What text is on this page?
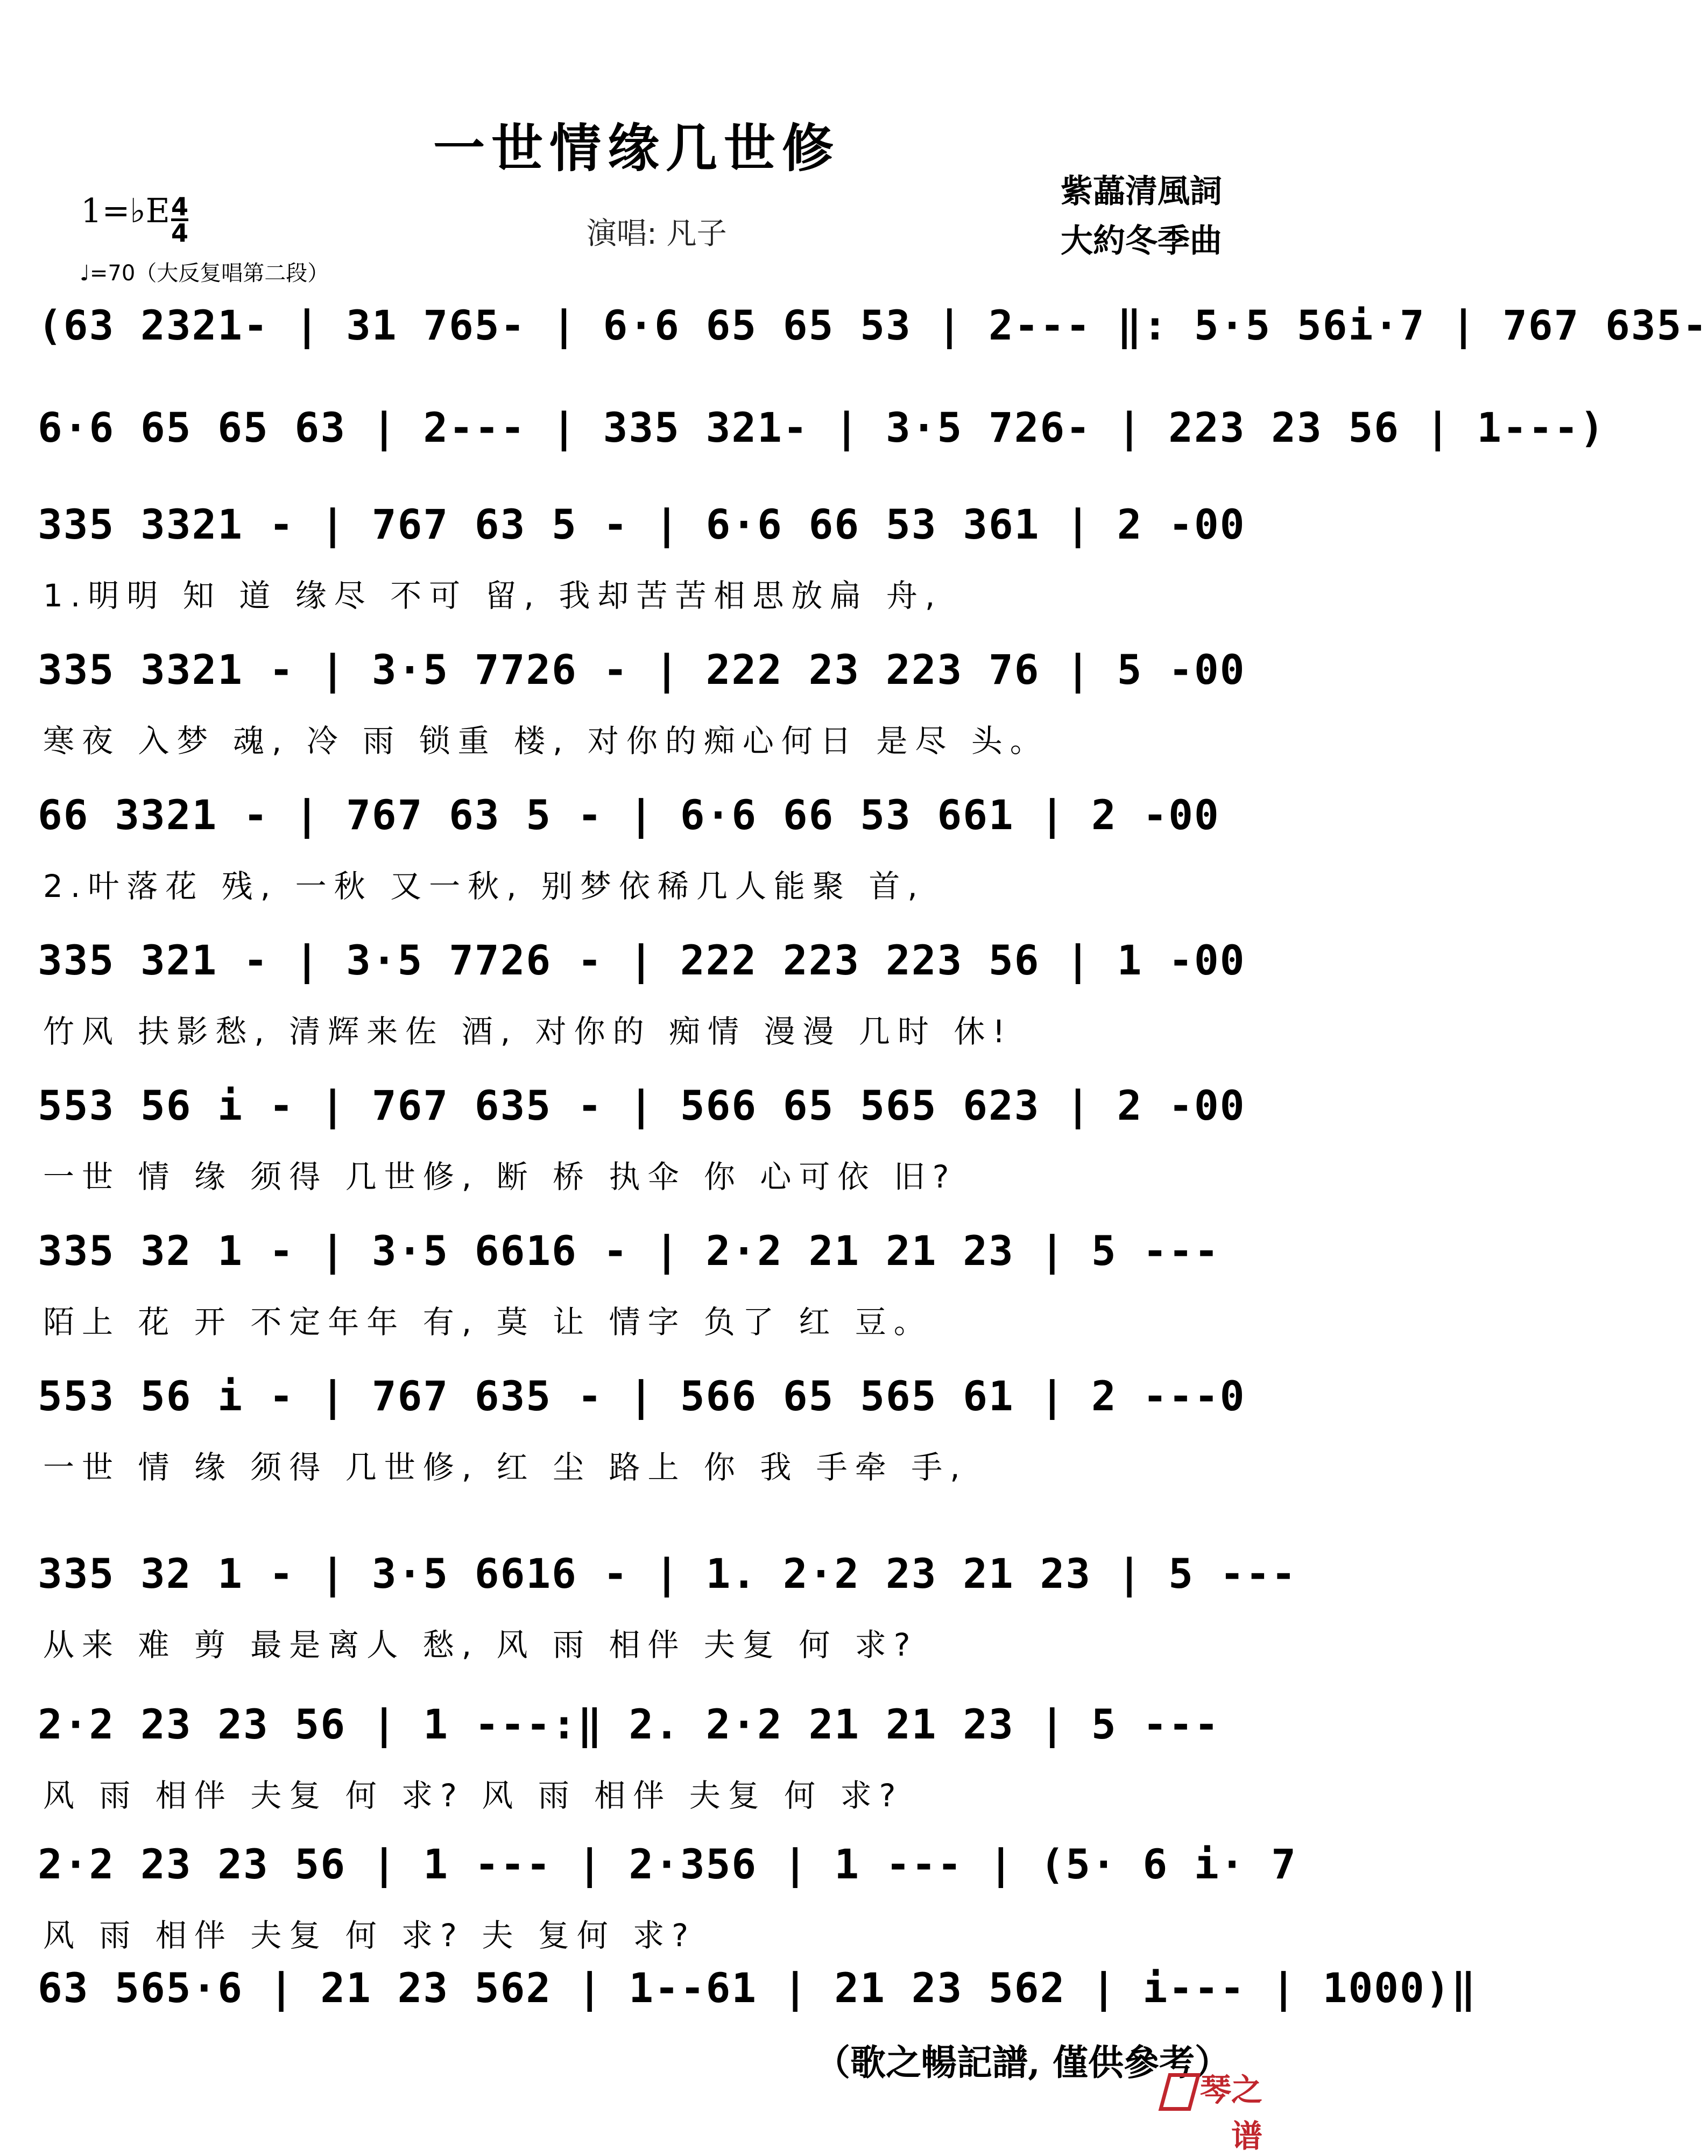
一世情缘几世修
1=♭E 4
4	演唱: 凡子
紫藟清風詞
大約冬季曲
♩=70（大反复唱第二段）
(63 2321- | 31 765- | 6·6 65 65 53 | 2--- ‖: 5·5 56i·7 | 767 635-
6·6 65 65 63 | 2--- | 335 321- | 3·5 726- | 223 23 56 | 1---)
335 3321 - | 767 63 5 - | 6·6 66 53 361 | 2 -00
1.明明 知 道 缘尽 不可 留, 我却苦苦相思放扁 舟,
335 3321 - | 3·5 7726 - | 222 23 223 76 | 5 -00
寒夜 入梦 魂, 冷 雨 锁重 楼, 对你的痴心何日 是尽 头。
66 3321 - | 767 63 5 - | 6·6 66 53 661 | 2 -00
2.叶落花 残, 一秋 又一秋, 别梦依稀几人能聚 首,
335 321 - | 3·5 7726 - | 222 223 223 56 | 1 -00
竹风 扶影愁, 清辉来佐 酒, 对你的 痴情 漫漫 几时 休!
553 56 i - | 767 635 - | 566 65 565 623 | 2 -00
一世 情 缘 须得 几世修, 断 桥 执伞 你 心可依 旧?
335 32 1 - | 3·5 6616 - | 2·2 21 21 23 | 5 ---
陌上 花 开 不定年年 有, 莫 让 情字 负了 红 豆。
553 56 i - | 767 635 - | 566 65 565 61 | 2 ---0
一世 情 缘 须得 几世修, 红 尘 路上 你 我 手牵 手,
335 32 1 - | 3·5 6616 - | 1. 2·2 23 21 23 | 5 ---
从来 难 剪 最是离人 愁, 风 雨 相伴 夫复 何 求?
2·2 23 23 56 | 1 ---:‖ 2. 2·2 21 21 23 | 5 ---
风 雨 相伴 夫复 何 求? 风 雨 相伴 夫复 何 求?
2·2 23 23 56 | 1 --- | 2·356 | 1 --- | (5· 6 i· 7
风 雨 相伴 夫复 何 求? 夫 复何 求?
63 565·6 | 21 23 562 | 1--61 | 21 23 562 | i--- | 1000)‖
（歌之暢記譜, 僅供參考）
琴之谱
